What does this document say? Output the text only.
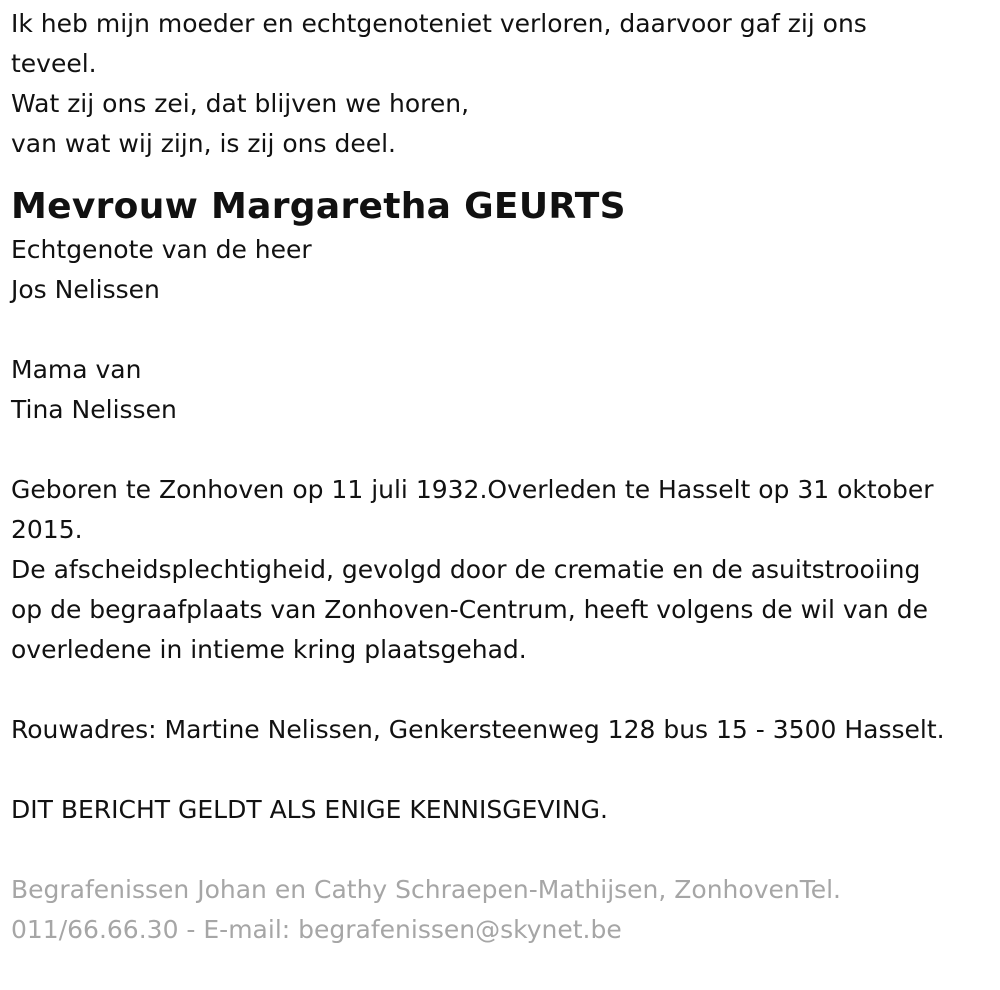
Ik heb mijn moeder en echtgenoteniet verloren, daarvoor gaf zij ons

teveel.

Wat zij ons zei, dat blijven we horen,

van wat wij zijn, is zij ons deel.

Mevrouw Margaretha GEURTS

Echtgenote van de heer

Jos Nelissen

Mama van

Tina Nelissen

Geboren te Zonhoven op 11 juli 1932.Overleden te Hasselt op 31 oktober

2015.

De afscheidsplechtigheid, gevolgd door de crematie en de asuitstrooiing

op de begraafplaats van Zonhoven-Centrum, heeft volgens de wil van de

overledene in intieme kring plaatsgehad.

Rouwadres: Martine Nelissen, Genkersteenweg 128 bus 15 - 3500 Hasselt.

DIT BERICHT GELDT ALS ENIGE KENNISGEVING.

Begrafenissen Johan en Cathy Schraepen-Mathijsen, ZonhovenTel.

011/66.66.30 - E-mail: begrafenissen@skynet.be
